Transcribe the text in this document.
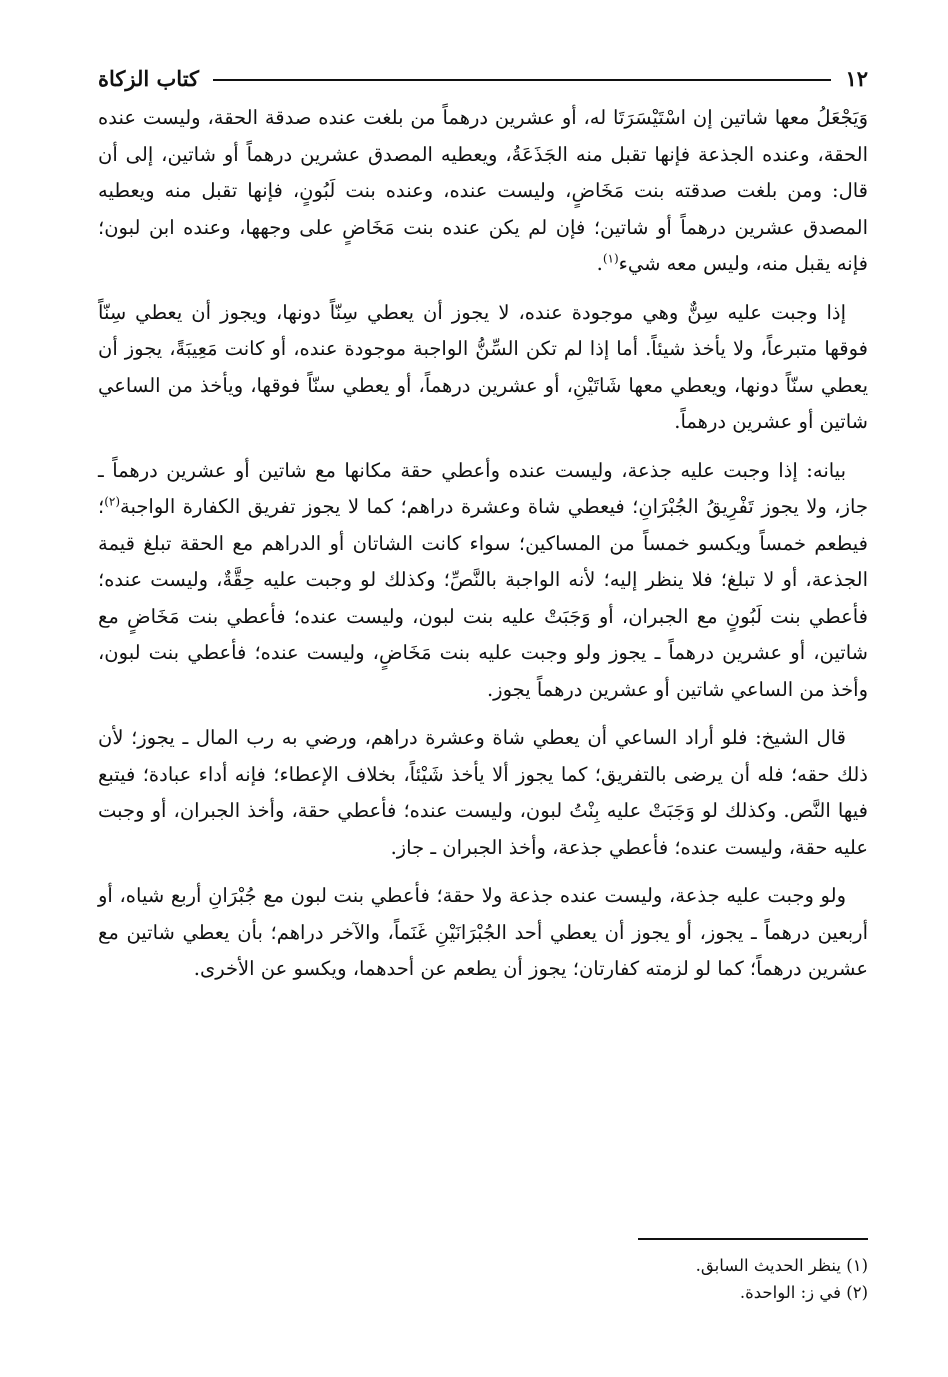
١٢
كتاب الزكاة

وَيَجْعَلُ معها شاتين إن اسْتَيْسَرَتَا له، أو عشرين درهماً من بلغت عنده صدقة الحقة، وليست عنده الحقة، وعنده الجذعة فإنها تقبل منه الجَذَعَةُ، ويعطيه المصدق عشرين درهماً أو شاتين، إلى أن قال: ومن بلغت صدقته بنت مَخَاضٍ، وليست عنده، وعنده بنت لَبُونٍ، فإنها تقبل منه ويعطيه المصدق عشرين درهماً أو شاتين؛ فإن لم يكن عنده بنت مَخَاضٍ على وجهها، وعنده ابن لبون؛ فإنه يقبل منه، وليس معه شيء$^{(١)}$.

إذا وجبت عليه سِنٌّ وهي موجودة عنده، لا يجوز أن يعطي سِنّاً دونها، ويجوز أن يعطي سِنّاً فوقها متبرعاً، ولا يأخذ شيئاً. أما إذا لم تكن السِّنُّ الواجبة موجودة عنده، أو كانت مَعِيبَةً، يجوز أن يعطي سنّاً دونها، ويعطي معها شَاتَيْنِ، أو عشرين درهماً، أو يعطي سنّاً فوقها، ويأخذ من الساعي شاتين أو عشرين درهماً.

بيانه: إذا وجبت عليه جذعة، وليست عنده وأعطي حقة مكانها مع شاتين أو عشرين درهماً ـ جاز، ولا يجوز تَفْرِيقُ الجُبْرَانِ؛ فيعطي شاة وعشرة دراهم؛ كما لا يجوز تفريق الكفارة الواجبة$^{(٢)}$؛ فيطعم خمساً ويكسو خمساً من المساكين؛ سواء كانت الشاتان أو الدراهم مع الحقة تبلغ قيمة الجذعة، أو لا تبلغ؛ فلا ينظر إليه؛ لأنه الواجبة بالنَّصِّ؛ وكذلك لو وجبت عليه حِقَّةٌ، وليست عنده؛ فأعطي بنت لَبُونٍ مع الجبران، أو وَجَبَتْ عليه بنت لبون، وليست عنده؛ فأعطي بنت مَخَاضٍ مع شاتين، أو عشرين درهماً ـ يجوز ولو وجبت عليه بنت مَخَاضٍ، وليست عنده؛ فأعطي بنت لبون، وأخذ من الساعي شاتين أو عشرين درهماً يجوز.

قال الشيخ: فلو أراد الساعي أن يعطي شاة وعشرة دراهم، ورضي به رب المال ـ يجوز؛ لأن ذلك حقه؛ فله أن يرضى بالتفريق؛ كما يجوز ألا يأخذ شَيْئاً، بخلاف الإعطاء؛ فإنه أداء عبادة؛ فيتبع فيها النَّص. وكذلك لو وَجَبَتْ عليه بِنْتُ لبون، وليست عنده؛ فأعطي حقة، وأخذ الجبران، أو وجبت عليه حقة، وليست عنده؛ فأعطي جذعة، وأخذ الجبران ـ جاز.

ولو وجبت عليه جذعة، وليست عنده جذعة ولا حقة؛ فأعطي بنت لبون مع جُبْرَانِ أربع شياه، أو أربعين درهماً ـ يجوز، أو يجوز أن يعطي أحد الجُبْرَانَيْنِ غَنَماً، والآخر دراهم؛ بأن يعطي شاتين مع عشرين درهماً؛ كما لو لزمته كفارتان؛ يجوز أن يطعم عن أحدهما، ويكسو عن الأخرى.

(١) ينظر الحديث السابق.

(٢) في ز: الواحدة.
